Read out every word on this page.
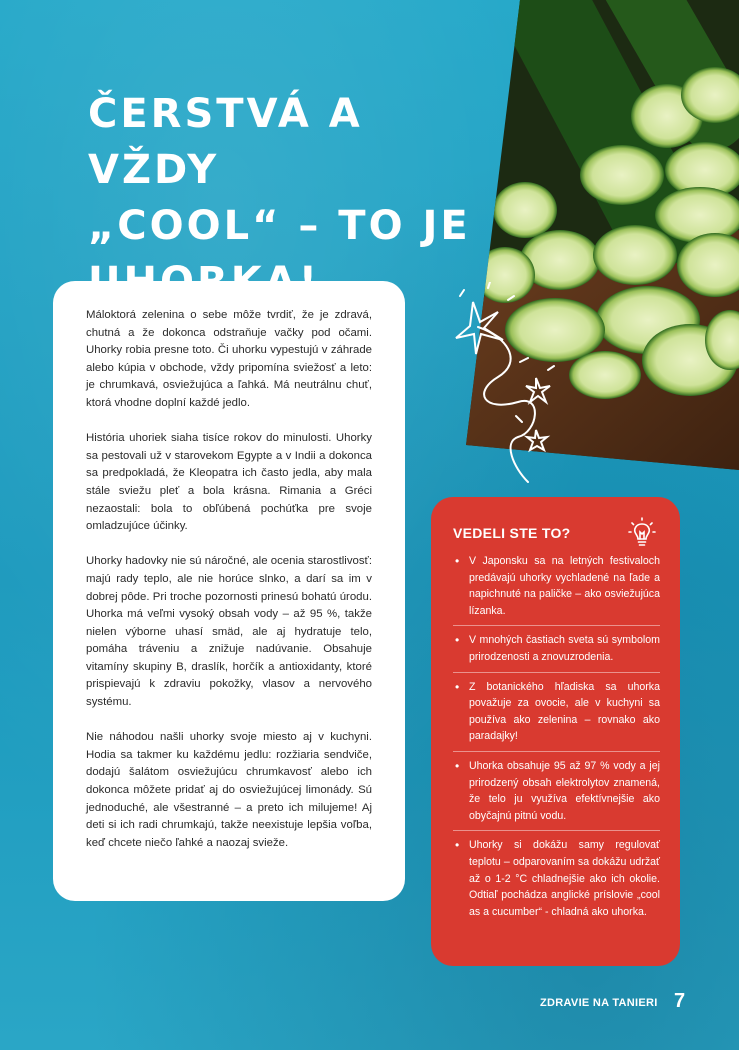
ČERSTVÁ A VŽDY
„COOL“ – TO JE

Máloktorá zelenina o sebe môže tvrdiť, že je zdravá, chutná a že dokonca odstraňuje vačky pod očami. Uhorky robia presne toto. Či uhorku vypestujú v záhrade alebo kúpia v obchode, vždy pripomína sviežosť a leto: je chrumkavá, osviežujúca a ľahká. Má neutrálnu chuť, ktorá vhodne doplní každé jedlo.

História uhoriek siaha tisíce rokov do minulosti. Uhorky sa pestovali už v starovekom Egypte a v Indii a dokonca sa predpokladá, že Kleopatra ich často jedla, aby mala stále sviežu pleť a bola krásna. Rimania a Gréci nezaostali: bola to obľúbená pochúťka pre svoje omladzujúce účinky.

Uhorky hadovky nie sú náročné, ale ocenia starostlivosť: majú rady teplo, ale nie horúce slnko, a darí sa im v dobrej pôde. Pri troche pozornosti prinesú bohatú úrodu. Uhorka má veľmi vysoký obsah vody – až 95 %, takže nielen výborne uhasí smäd, ale aj hydratuje telo, pomáha tráveniu a znižuje nadúvanie. Obsahuje vitamíny skupiny B, draslík, horčík a antioxidanty, ktoré prispievajú k zdraviu pokožky, vlasov a nervového systému.

Nie náhodou našli uhorky svoje miesto aj v kuchyni. Hodia sa takmer ku každému jedlu: rozžiaria sendviče, dodajú šalátom osviežujúcu chrumkavosť alebo ich dokonca môžete pridať aj do osviežujúcej limonády. Sú jednoduché, ale všestranné – a preto ich milujeme! Aj deti si ich radi chrumkajú, takže neexistuje lepšia voľba, keď chcete niečo ľahké a naozaj svieže.

VEDELI STE TO?
• V Japonsku sa na letných festivaloch predávajú uhorky vychladené na ľade a napichnuté na paličke – ako osviežujúca lízanka.
• V mnohých častiach sveta sú symbolom prirodzenosti a znovuzrodenia.
• Z botanického hľadiska sa uhorka považuje za ovocie, ale v kuchyni sa používa ako zelenina – rovnako ako paradajky!
• Uhorka obsahuje 95 až 97 % vody a jej prirodzený obsah elektrolytov znamená, že telo ju využíva efektívnejšie ako obyčajnú pitnú vodu.
• Uhorky si dokážu samy regulovať teplotu – odparovaním sa dokážu udržať až o 1-2 °C chladnejšie ako ich okolie. Odtiaľ pochádza anglické príslovie „cool as a cucumber“ - chladná ako uhorka.
ZDRAVIE NA TANIERI 7
